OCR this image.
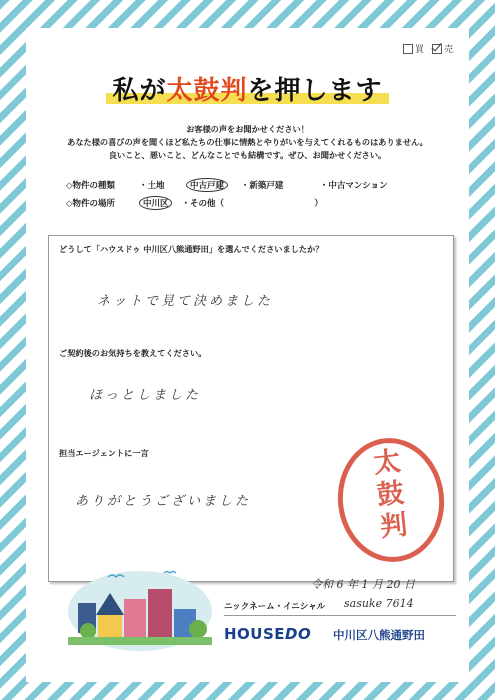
買 売
私が太鼓判を押します
お客様の声をお聞かせください！
あなた様の喜びの声を聞くほど私たちの仕事に情熱とやりがいを与えてくれるものはありません。
良いこと、悪いこと、どんなことでも結構です。ぜひ、お聞かせください。
◇物件の種類	・土地	中古戸建 ・新築戸建	・中古マンション
◇物件の場所	中川区 ・その他（	）
どうして「ハウスドゥ 中川区八熊通野田」を選んでくださいましたか？
ネットで見て決めました
ご契約後のお気持ちを教えてください。
ほっとしました
担当エージェントに一言
ありがとうございました
太
鼓
判
令和 6 年 1 月 20 日
ニックネーム・イニシャル sasuke 7614
HOUSEDO 中川区八熊通野田
